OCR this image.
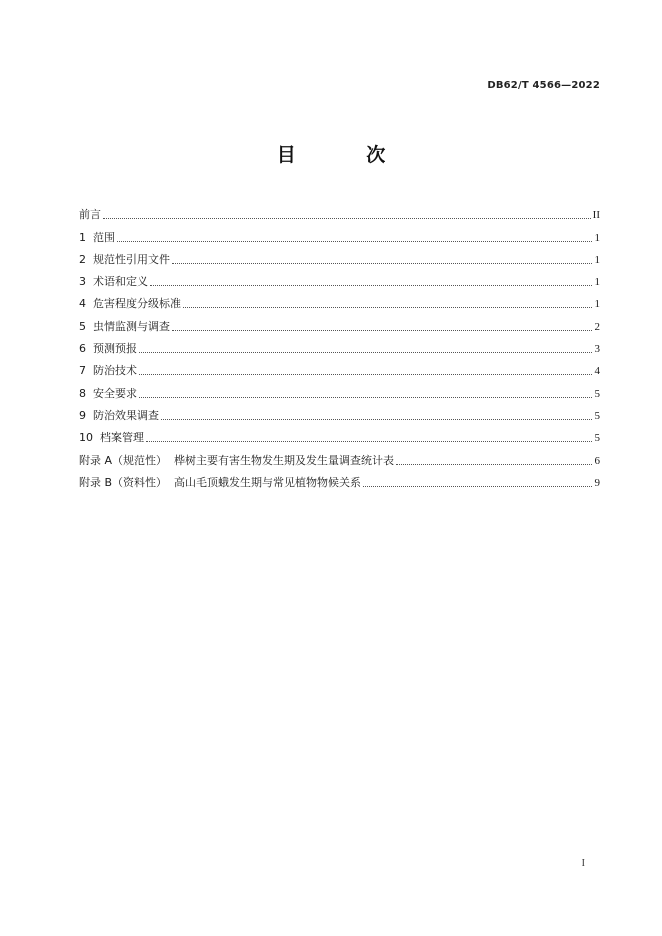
DB62/T 4566—2022
目 次
前言	II
1  范围	1
2  规范性引用文件	1
3  术语和定义	1
4  危害程度分级标准	1
5  虫情监测与调查	2
6  预测预报	3
7  防治技术	4
8  安全要求	5
9  防治效果调查	5
10  档案管理	5
附录 A（规范性）  桦树主要有害生物发生期及发生量调查统计表	6
附录 B（资料性）  高山毛顶蛾发生期与常见植物物候关系	9
I
